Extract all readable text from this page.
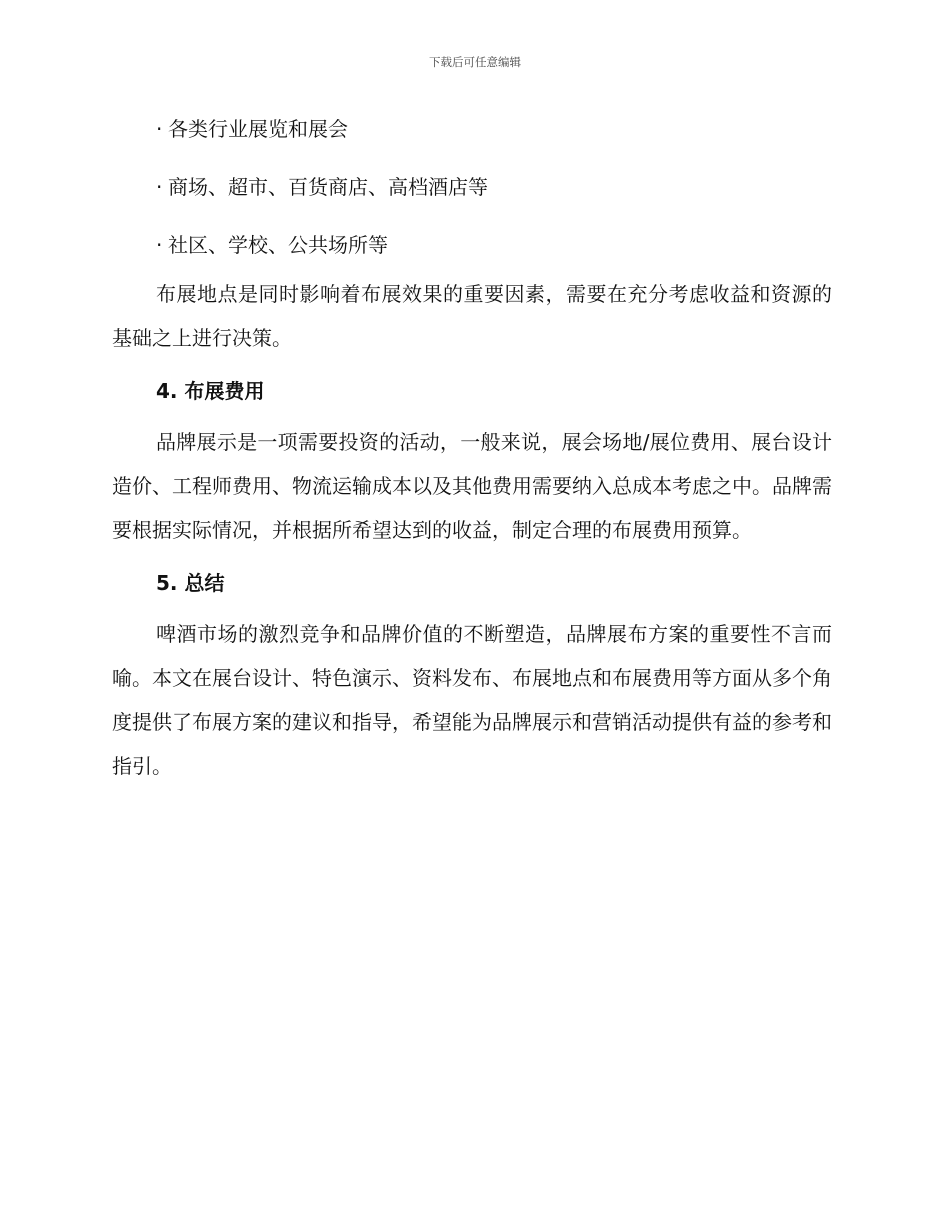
下载后可任意编辑
· 各类行业展览和展会
· 商场、超市、百货商店、高档酒店等
· 社区、学校、公共场所等

布展地点是同时影响着布展效果的重要因素，需要在充分考虑收益和资源的基础之上进行决策。

4. 布展费用

品牌展示是一项需要投资的活动，一般来说，展会场地/展位费用、展台设计造价、工程师费用、物流运输成本以及其他费用需要纳入总成本考虑之中。品牌需要根据实际情况，并根据所希望达到的收益，制定合理的布展费用预算。

5. 总结

啤酒市场的激烈竞争和品牌价值的不断塑造，品牌展布方案的重要性不言而喻。本文在展台设计、特色演示、资料发布、布展地点和布展费用等方面从多个角度提供了布展方案的建议和指导，希望能为品牌展示和营销活动提供有益的参考和指引。
